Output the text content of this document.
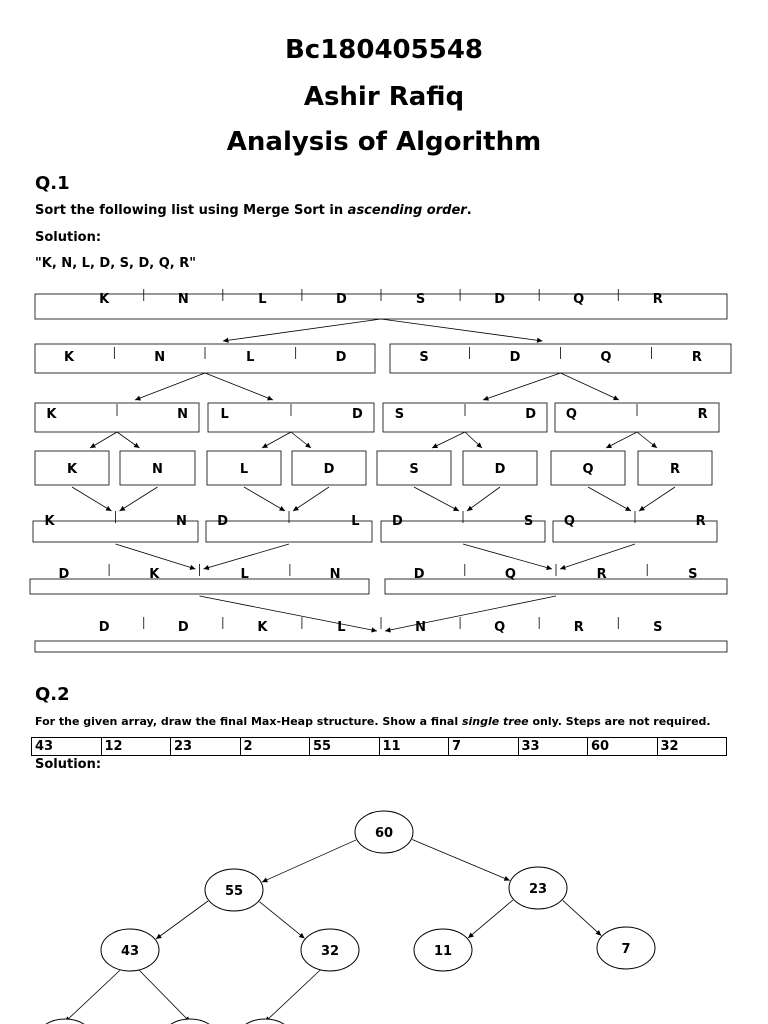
Bc180405548
Ashir Rafiq
Analysis of Algorithm
Q.1
Sort the following list using Merge Sort in ascending order.
Solution:
"K, N, L, D, S, D, Q, R"
K	N	L	D	S	D	Q	R
K	N	L	D	S	D	Q	R
K	N L	D S	D Q	R
K	N	L	D	S	D	Q	R
K	N D	L D	S Q	R
D	K	L	N	D	Q	R	S
D	D	K	L	N	Q	R	S
Q.2
For the given array, draw the final Max-Heap structure. Show a final single tree only. Steps are not required.
43	12	23	2	55	11	7	33	60	32
Solution:
60
55	23
43	32	11	7
